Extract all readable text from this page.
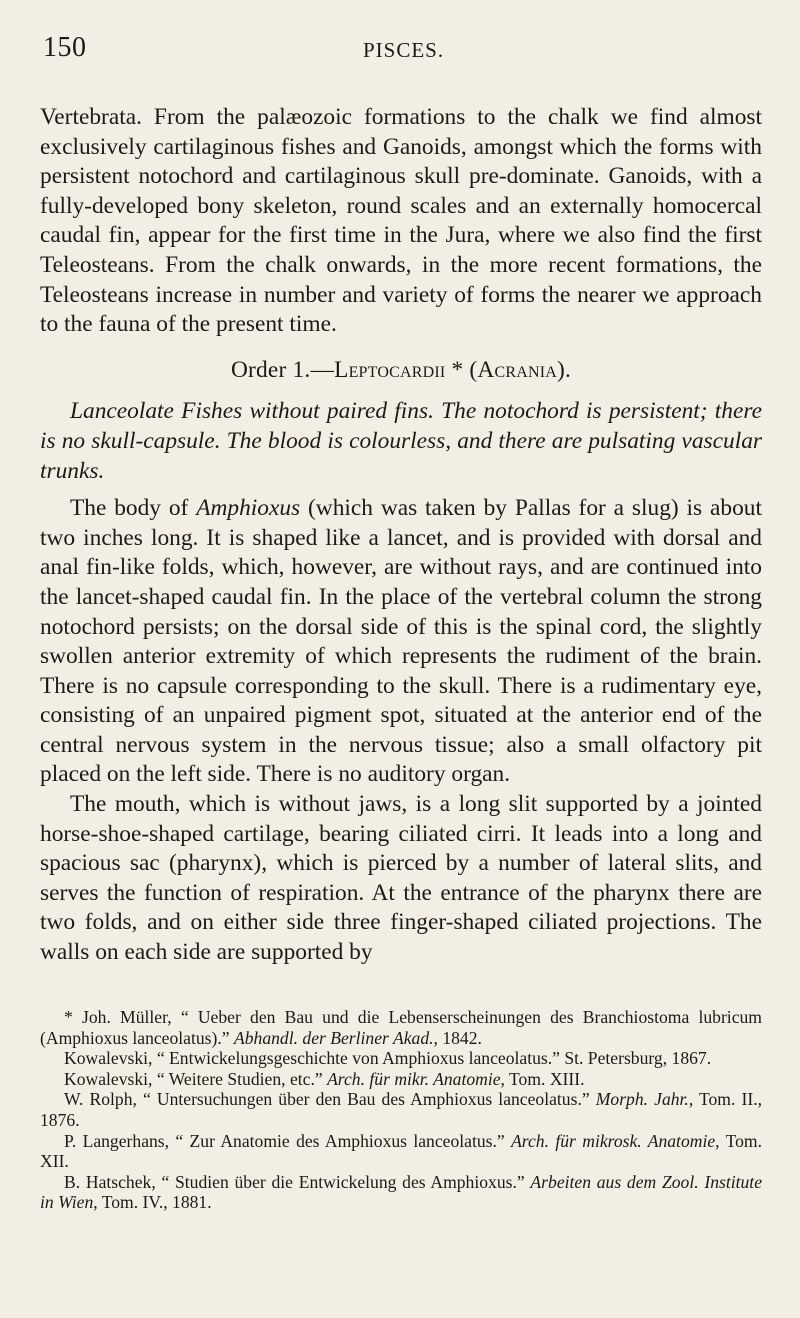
150	PISCES.

Vertebrata. From the palæozoic formations to the chalk we find almost exclusively cartilaginous fishes and Ganoids, amongst which the forms with persistent notochord and cartilaginous skull pre-dominate. Ganoids, with a fully-developed bony skeleton, round scales and an externally homocercal caudal fin, appear for the first time in the Jura, where we also find the first Teleosteans. From the chalk onwards, in the more recent formations, the Teleosteans increase in number and variety of forms the nearer we approach to the fauna of the present time.

Order 1.—Leptocardii * (Acrania).

Lanceolate Fishes without paired fins. The notochord is persistent; there is no skull-capsule. The blood is colourless, and there are pulsating vascular trunks.

The body of Amphioxus (which was taken by Pallas for a slug) is about two inches long. It is shaped like a lancet, and is provided with dorsal and anal fin-like folds, which, however, are without rays, and are continued into the lancet-shaped caudal fin. In the place of the vertebral column the strong notochord persists; on the dorsal side of this is the spinal cord, the slightly swollen anterior extremity of which represents the rudiment of the brain. There is no capsule corresponding to the skull. There is a rudimentary eye, consisting of an unpaired pigment spot, situated at the anterior end of the central nervous system in the nervous tissue; also a small olfactory pit placed on the left side. There is no auditory organ.

The mouth, which is without jaws, is a long slit supported by a jointed horse-shoe-shaped cartilage, bearing ciliated cirri. It leads into a long and spacious sac (pharynx), which is pierced by a number of lateral slits, and serves the function of respiration. At the entrance of the pharynx there are two folds, and on either side three finger-shaped ciliated projections. The walls on each side are supported by

* Joh. Müller, “ Ueber den Bau und die Lebenserscheinungen des Branchiostoma lubricum (Amphioxus lanceolatus).” Abhandl. der Berliner Akad., 1842.

Kowalevski, “ Entwickelungsgeschichte von Amphioxus lanceolatus.” St. Petersburg, 1867.

Kowalevski, “ Weitere Studien, etc.” Arch. für mikr. Anatomie, Tom. XIII.

W. Rolph, “ Untersuchungen über den Bau des Amphioxus lanceolatus.” Morph. Jahr., Tom. II., 1876.

P. Langerhans, “ Zur Anatomie des Amphioxus lanceolatus.” Arch. für mikrosk. Anatomie, Tom. XII.

B. Hatschek, “ Studien über die Entwickelung des Amphioxus.” Arbeiten aus dem Zool. Institute in Wien, Tom. IV., 1881.
